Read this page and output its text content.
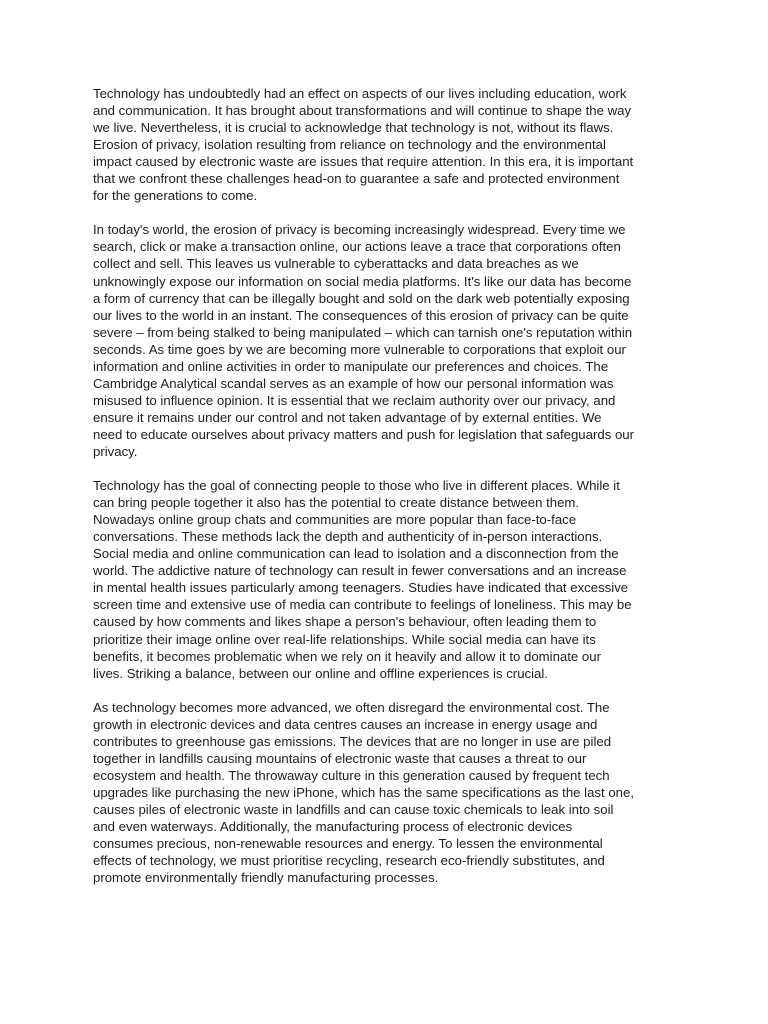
Technology has undoubtedly had an effect on aspects of our lives including education, work
and communication. It has brought about transformations and will continue to shape the way
we live. Nevertheless, it is crucial to acknowledge that technology is not, without its flaws.
Erosion of privacy, isolation resulting from reliance on technology and the environmental
impact caused by electronic waste are issues that require attention. In this era, it is important
that we confront these challenges head-on to guarantee a safe and protected environment
for the generations to come.

In today's world, the erosion of privacy is becoming increasingly widespread. Every time we
search, click or make a transaction online, our actions leave a trace that corporations often
collect and sell. This leaves us vulnerable to cyberattacks and data breaches as we
unknowingly expose our information on social media platforms. It's like our data has become
a form of currency that can be illegally bought and sold on the dark web potentially exposing
our lives to the world in an instant. The consequences of this erosion of privacy can be quite
severe – from being stalked to being manipulated – which can tarnish one's reputation within
seconds. As time goes by we are becoming more vulnerable to corporations that exploit our
information and online activities in order to manipulate our preferences and choices. The
Cambridge Analytical scandal serves as an example of how our personal information was
misused to influence opinion. It is essential that we reclaim authority over our privacy, and
ensure it remains under our control and not taken advantage of by external entities. We
need to educate ourselves about privacy matters and push for legislation that safeguards our
privacy.

Technology has the goal of connecting people to those who live in different places. While it
can bring people together it also has the potential to create distance between them.
Nowadays online group chats and communities are more popular than face-to-face
conversations. These methods lack the depth and authenticity of in-person interactions.
Social media and online communication can lead to isolation and a disconnection from the
world. The addictive nature of technology can result in fewer conversations and an increase
in mental health issues particularly among teenagers. Studies have indicated that excessive
screen time and extensive use of media can contribute to feelings of loneliness. This may be
caused by how comments and likes shape a person's behaviour, often leading them to
prioritize their image online over real-life relationships. While social media can have its
benefits, it becomes problematic when we rely on it heavily and allow it to dominate our
lives. Striking a balance, between our online and offline experiences is crucial.

As technology becomes more advanced, we often disregard the environmental cost. The
growth in electronic devices and data centres causes an increase in energy usage and
contributes to greenhouse gas emissions. The devices that are no longer in use are piled
together in landfills causing mountains of electronic waste that causes a threat to our
ecosystem and health. The throwaway culture in this generation caused by frequent tech
upgrades like purchasing the new iPhone, which has the same specifications as the last one,
causes piles of electronic waste in landfills and can cause toxic chemicals to leak into soil
and even waterways. Additionally, the manufacturing process of electronic devices
consumes precious, non-renewable resources and energy. To lessen the environmental
effects of technology, we must prioritise recycling, research eco-friendly substitutes, and
promote environmentally friendly manufacturing processes.
